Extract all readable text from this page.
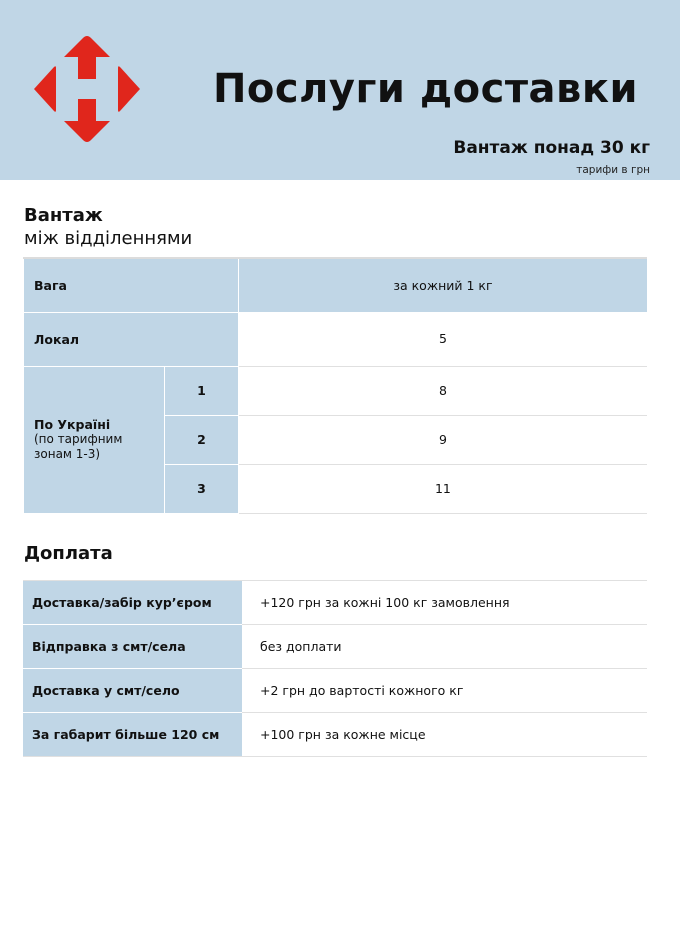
Послуги доставки
Вантаж понад 30 кг
тарифи в грн
Вантаж
між відділеннями
Вага		за кожний 1 кг
Локал		5

По Україні
(по тарифним зонам 1-3)	1	8
	2	9
	3	11
Доплата
Доставка/забір кур’єром	+120 грн за кожні 100 кг замовлення
Відправка з смт/села	без доплати
Доставка у смт/село	+2 грн до вартості кожного кг
За габарит більше 120 см	+100 грн за кожне місце
